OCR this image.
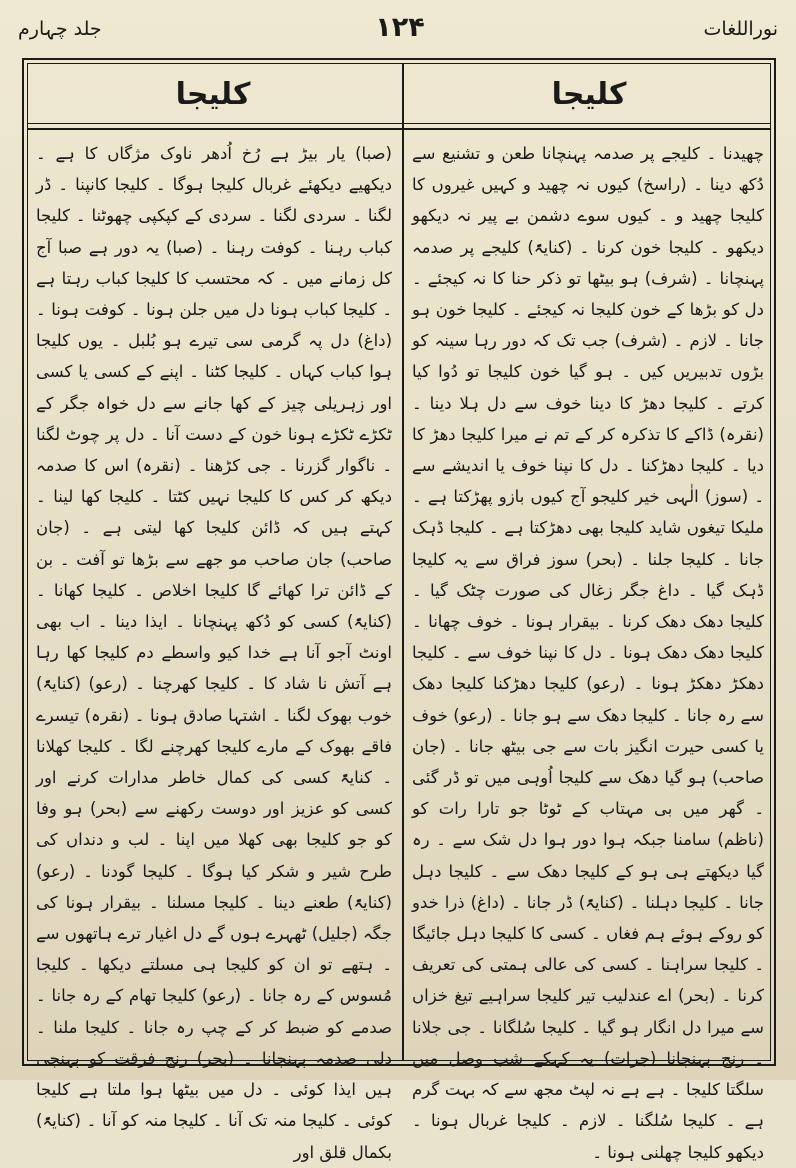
نوراللغات
۱۲۴
جلد چہارم
کلیجا
کلیجا

چھیدنا ۔ کلیجے پر صدمہ پہنچانا طعن و تشنیع سے دُکھ دینا ۔ (راسخ) کیوں نہ چھید و کہیں غیروں کا کلیجا چھید و ۔ کیوں سوے دشمن بے پیر نہ دیکھو دیکھو ۔ کلیجا خون کرنا ۔ (کنایۃً) کلیجے پر صدمہ پہنچانا ۔ (شرف) ہو بیٹھا تو ذکر حنا کا نہ کیجئے ۔ دل کو بڑھا کے خون کلیجا نہ کیجئے ۔ کلیجا خون ہو جانا ۔ لازم ۔ (شرف) جب تک کہ دور رہا سینہ کو بڑوں تدبیریں کیں ۔ ہو گیا خون کلیجا تو دُوا کیا کرتے ۔ کلیجا دھڑ کا دینا خوف سے دل ہلا دینا ۔ (نقرہ) ڈاکے کا تذکرہ کر کے تم نے میرا کلیجا دھڑ کا دیا ۔ کلیجا دھڑکنا ۔ دل کا نپنا خوف یا اندیشے سے ۔ (سوز) الٰہی خیر کلیجو آج کیوں بازو پھڑکتا ہے ۔ ملیکا تیغوں شاید کلیجا بھی دھڑکتا ہے ۔ کلیجا ڈہک جانا ۔ کلیجا جلنا ۔ (بحر) سوز فراق سے یہ کلیجا ڈہک گیا ۔ داغ جگر زغال کی صورت چٹک گیا ۔ کلیجا دھک دھک کرنا ۔ بیقرار ہونا ۔ خوف چھانا ۔ کلیجا دھک دھک ہونا ۔ دل کا نپنا خوف سے ۔ کلیجا دھکڑ دھکڑ ہونا ۔ (رعو) کلیجا دھڑکنا کلیجا دھک سے رہ جانا ۔ کلیجا دھک سے ہو جانا ۔ (رعو) خوف یا کسی حیرت انگیز بات سے جی بیٹھ جانا ۔ (جان صاحب) ہو گیا دھک سے کلیجا اُوہی میں تو ڈر گئی ۔ گھر میں بی مہتاب کے ٹوٹا جو تارا رات کو (ناظم) سامنا جبکہ ہوا دور ہوا دل شک سے ۔ رہ گیا دیکھتے ہی ہو کے کلیجا دھک سے ۔ کلیجا دہل جانا ۔ کلیجا دہلنا ۔ (کنایۃً) ڈر جانا ۔ (داغ) ذرا خدو کو روکے ہوئے ہم فغاں ۔ کسی کا کلیجا دہل جائیگا ۔ کلیجا سراہنا ۔ کسی کی عالی ہمتی کی تعریف کرنا ۔ (بحر) اے عندلیب تیر کلیجا سراہیے تیغ خزاں سے میرا دل انگار ہو گیا ۔ کلیجا سُلگانا ۔ جی جلانا ۔ رنج پہنچانا (جرات) یہ کہکے شب وصل میں سلگتا کلیجا ۔ ہے ہے نہ لپٹ مجھ سے کہ بہت گرم ہے ۔ کلیجا سُلگنا ۔ لازم ۔ کلیجا غربال ہونا ۔ دیکھو کلیجا چھلنی ہونا ۔

(صبا) یار بیڑ ہے رُخ اُدھر ناوک مژگاں کا ہے ۔ دیکھیے دیکھئے غربال کلیجا ہوگا ۔ کلیجا کانپنا ۔ ڈر لگنا ۔ سردی لگنا ۔ سردی کے کپکپی چھوٹنا ۔ کلیجا کباب رہنا ۔ کوفت رہنا ۔ (صبا) یہ دور ہے صبا آج کل زمانے میں ۔ کہ محتسب کا کلیجا کباب رہتا ہے ۔ کلیجا کباب ہونا دل میں جلن ہونا ۔ کوفت ہونا ۔ (داغ) دل پہ گرمی سی تیرے ہو بُلبل ۔ یوں کلیجا ہوا کباب کہاں ۔ کلیجا کٹنا ۔ اپنے کے کسی یا کسی اور زہریلی چیز کے کھا جانے سے دل خواہ جگر کے ٹکڑے ٹکڑے ہونا خون کے دست آنا ۔ دل پر چوٹ لگنا ۔ ناگوار گزرنا ۔ جی کڑھنا ۔ (نقرہ) اس کا صدمہ دیکھ کر کس کا کلیجا نہیں کٹتا ۔ کلیجا کھا لینا ۔ کہتے ہیں کہ ڈائن کلیجا کھا لیتی ہے ۔ (جان صاحب) جان صاحب مو جھے سے بڑھا تو آفت ۔ بن کے ڈائن ترا کھائے گا کلیجا اخلاص ۔ کلیجا کھانا ۔ (کنایۃً) کسی کو دُکھ پہنچانا ۔ ایذا دینا ۔ اب بھی اونٹ آجو آنا ہے خدا کیو واسطے دم کلیجا کھا رہا ہے آتش نا شاد کا ۔ کلیجا کھرچنا ۔ (رعو) (کنایۃً) خوب بھوک لگنا ۔ اشتہا صادق ہونا ۔ (نقرہ) تیسرے فاقے بھوک کے مارے کلیجا کھرچنے لگا ۔ کلیجا کھلانا ۔ کنایۃً کسی کی کمال خاطر مدارات کرنے اور کسی کو عزیز اور دوست رکھنے سے (بحر) ہو وفا کو جو کلیجا بھی کھلا میں اپنا ۔ لب و دنداں کی طرح شیر و شکر کیا ہوگا ۔ کلیجا گودنا ۔ (رعو) (کنایۃً) طعنے دینا ۔ کلیجا مسلنا ۔ بیقرار ہونا کی جگہ (جلیل) ٹھہرے ہوں گے دل اغیار ترے ہاتھوں سے ۔ ہتھے تو ان کو کلیجا ہی مسلتے دیکھا ۔ کلیجا مُسوس کے رہ جانا ۔ (رعو) کلیجا تھام کے رہ جانا ۔ صدمے کو ضبط کر کے چپ رہ جانا ۔ کلیجا ملنا ۔ دلی صدمہ پہنچانا ۔ (بحر) رنج فرقت کو پہنچی ہیں ایذا کوئی ۔ دل میں بیٹھا ہوا ملتا ہے کلیجا کوئی ۔ کلیجا منہ تک آنا ۔ کلیجا منہ کو آنا ۔ (کنایۃً) بکمال قلق اور
